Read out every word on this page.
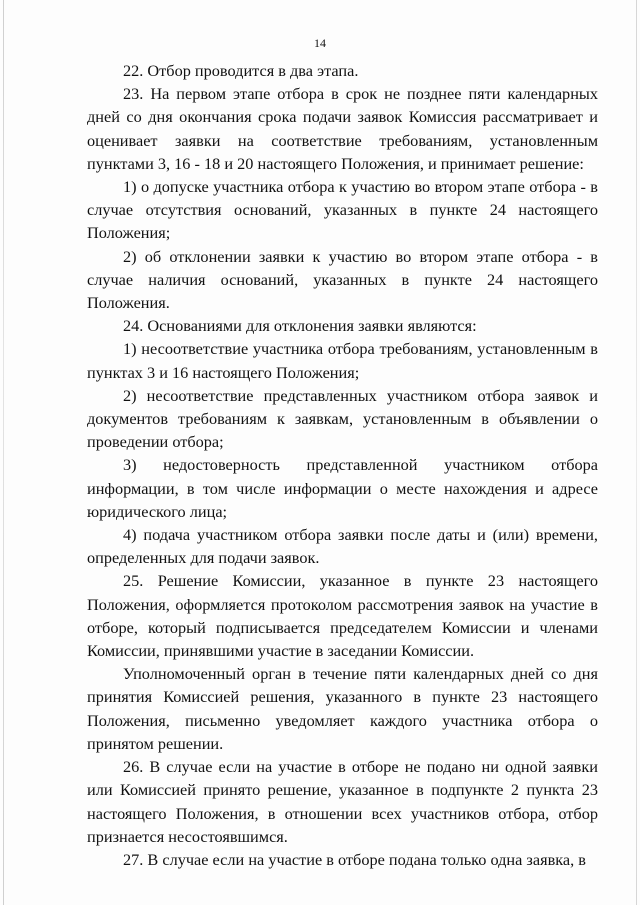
14

22. Отбор проводится в два этапа.

23. На первом этапе отбора в срок не позднее пяти календарных дней со дня окончания срока подачи заявок Комиссия рассматривает и оценивает заявки на соответствие требованиям, установленным пунктами 3, 16 - 18 и 20 настоящего Положения, и принимает решение:

1) о допуске участника отбора к участию во втором этапе отбора - в случае отсутствия оснований, указанных в пункте 24 настоящего Положения;

2) об отклонении заявки к участию во втором этапе отбора - в случае наличия оснований, указанных в пункте 24 настоящего Положения.

24. Основаниями для отклонения заявки являются:

1) несоответствие участника отбора требованиям, установленным в пунктах 3 и 16 настоящего Положения;

2) несоответствие представленных участником отбора заявок и документов требованиям к заявкам, установленным в объявлении о проведении отбора;

3) недостоверность представленной участником отбора информации, в том числе информации о месте нахождения и адресе юридического лица;

4) подача участником отбора заявки после даты и (или) времени, определенных для подачи заявок.

25. Решение Комиссии, указанное в пункте 23 настоящего Положения, оформляется протоколом рассмотрения заявок на участие в отборе, который подписывается председателем Комиссии и членами Комиссии, принявшими участие в заседании Комиссии.

Уполномоченный орган в течение пяти календарных дней со дня принятия Комиссией решения, указанного в пункте 23 настоящего Положения, письменно уведомляет каждого участника отбора о принятом решении.

26. В случае если на участие в отборе не подано ни одной заявки или Комиссией принято решение, указанное в подпункте 2 пункта 23 настоящего Положения, в отношении всех участников отбора, отбор признается несостоявшимся.

27. В случае если на участие в отборе подана только одна заявка, в
